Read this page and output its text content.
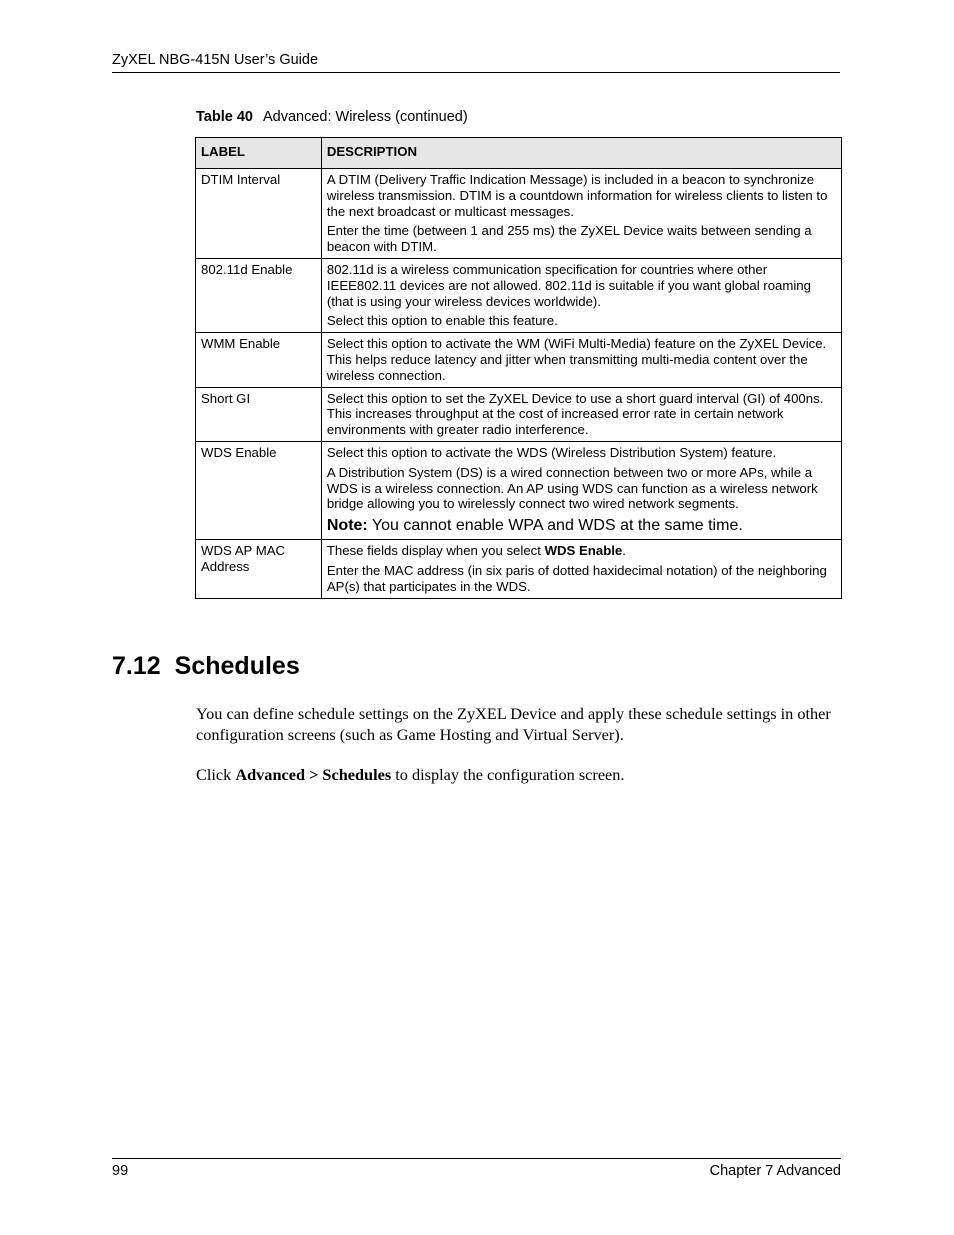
ZyXEL NBG-415N User’s Guide
Table 40 Advanced: Wireless (continued)
LABEL	DESCRIPTION
DTIM Interval	A DTIM (Delivery Traffic Indication Message) is included in a beacon to synchronize wireless transmission. DTIM is a countdown information for wireless clients to listen to the next broadcast or multicast messages.

Enter the time (between 1 and 255 ms) the ZyXEL Device waits between sending a beacon with DTIM.

802.11d Enable	802.11d is a wireless communication specification for countries where other IEEE802.11 devices are not allowed. 802.11d is suitable if you want global roaming (that is using your wireless devices worldwide).

Select this option to enable this feature.

WMM Enable	Select this option to activate the WM (WiFi Multi-Media) feature on the ZyXEL Device. This helps reduce latency and jitter when transmitting multi-media content over the wireless connection.

Short GI	Select this option to set the ZyXEL Device to use a short guard interval (GI) of 400ns. This increases throughput at the cost of increased error rate in certain network environments with greater radio interference.

WDS Enable	Select this option to activate the WDS (Wireless Distribution System) feature.

A Distribution System (DS) is a wired connection between two or more APs, while a WDS is a wireless connection. An AP using WDS can function as a wireless network bridge allowing you to wirelessly connect two wired network segments.

Note: You cannot enable WPA and WDS at the same time.

WDS AP MAC Address	These fields display when you select WDS Enable.

Enter the MAC address (in six paris of dotted haxidecimal notation) of the neighboring AP(s) that participates in the WDS.

7.12 Schedules
You can define schedule settings on the ZyXEL Device and apply these schedule settings in other configuration screens (such as Game Hosting and Virtual Server).
Click Advanced > Schedules to display the configuration screen.
99	Chapter 7 Advanced
